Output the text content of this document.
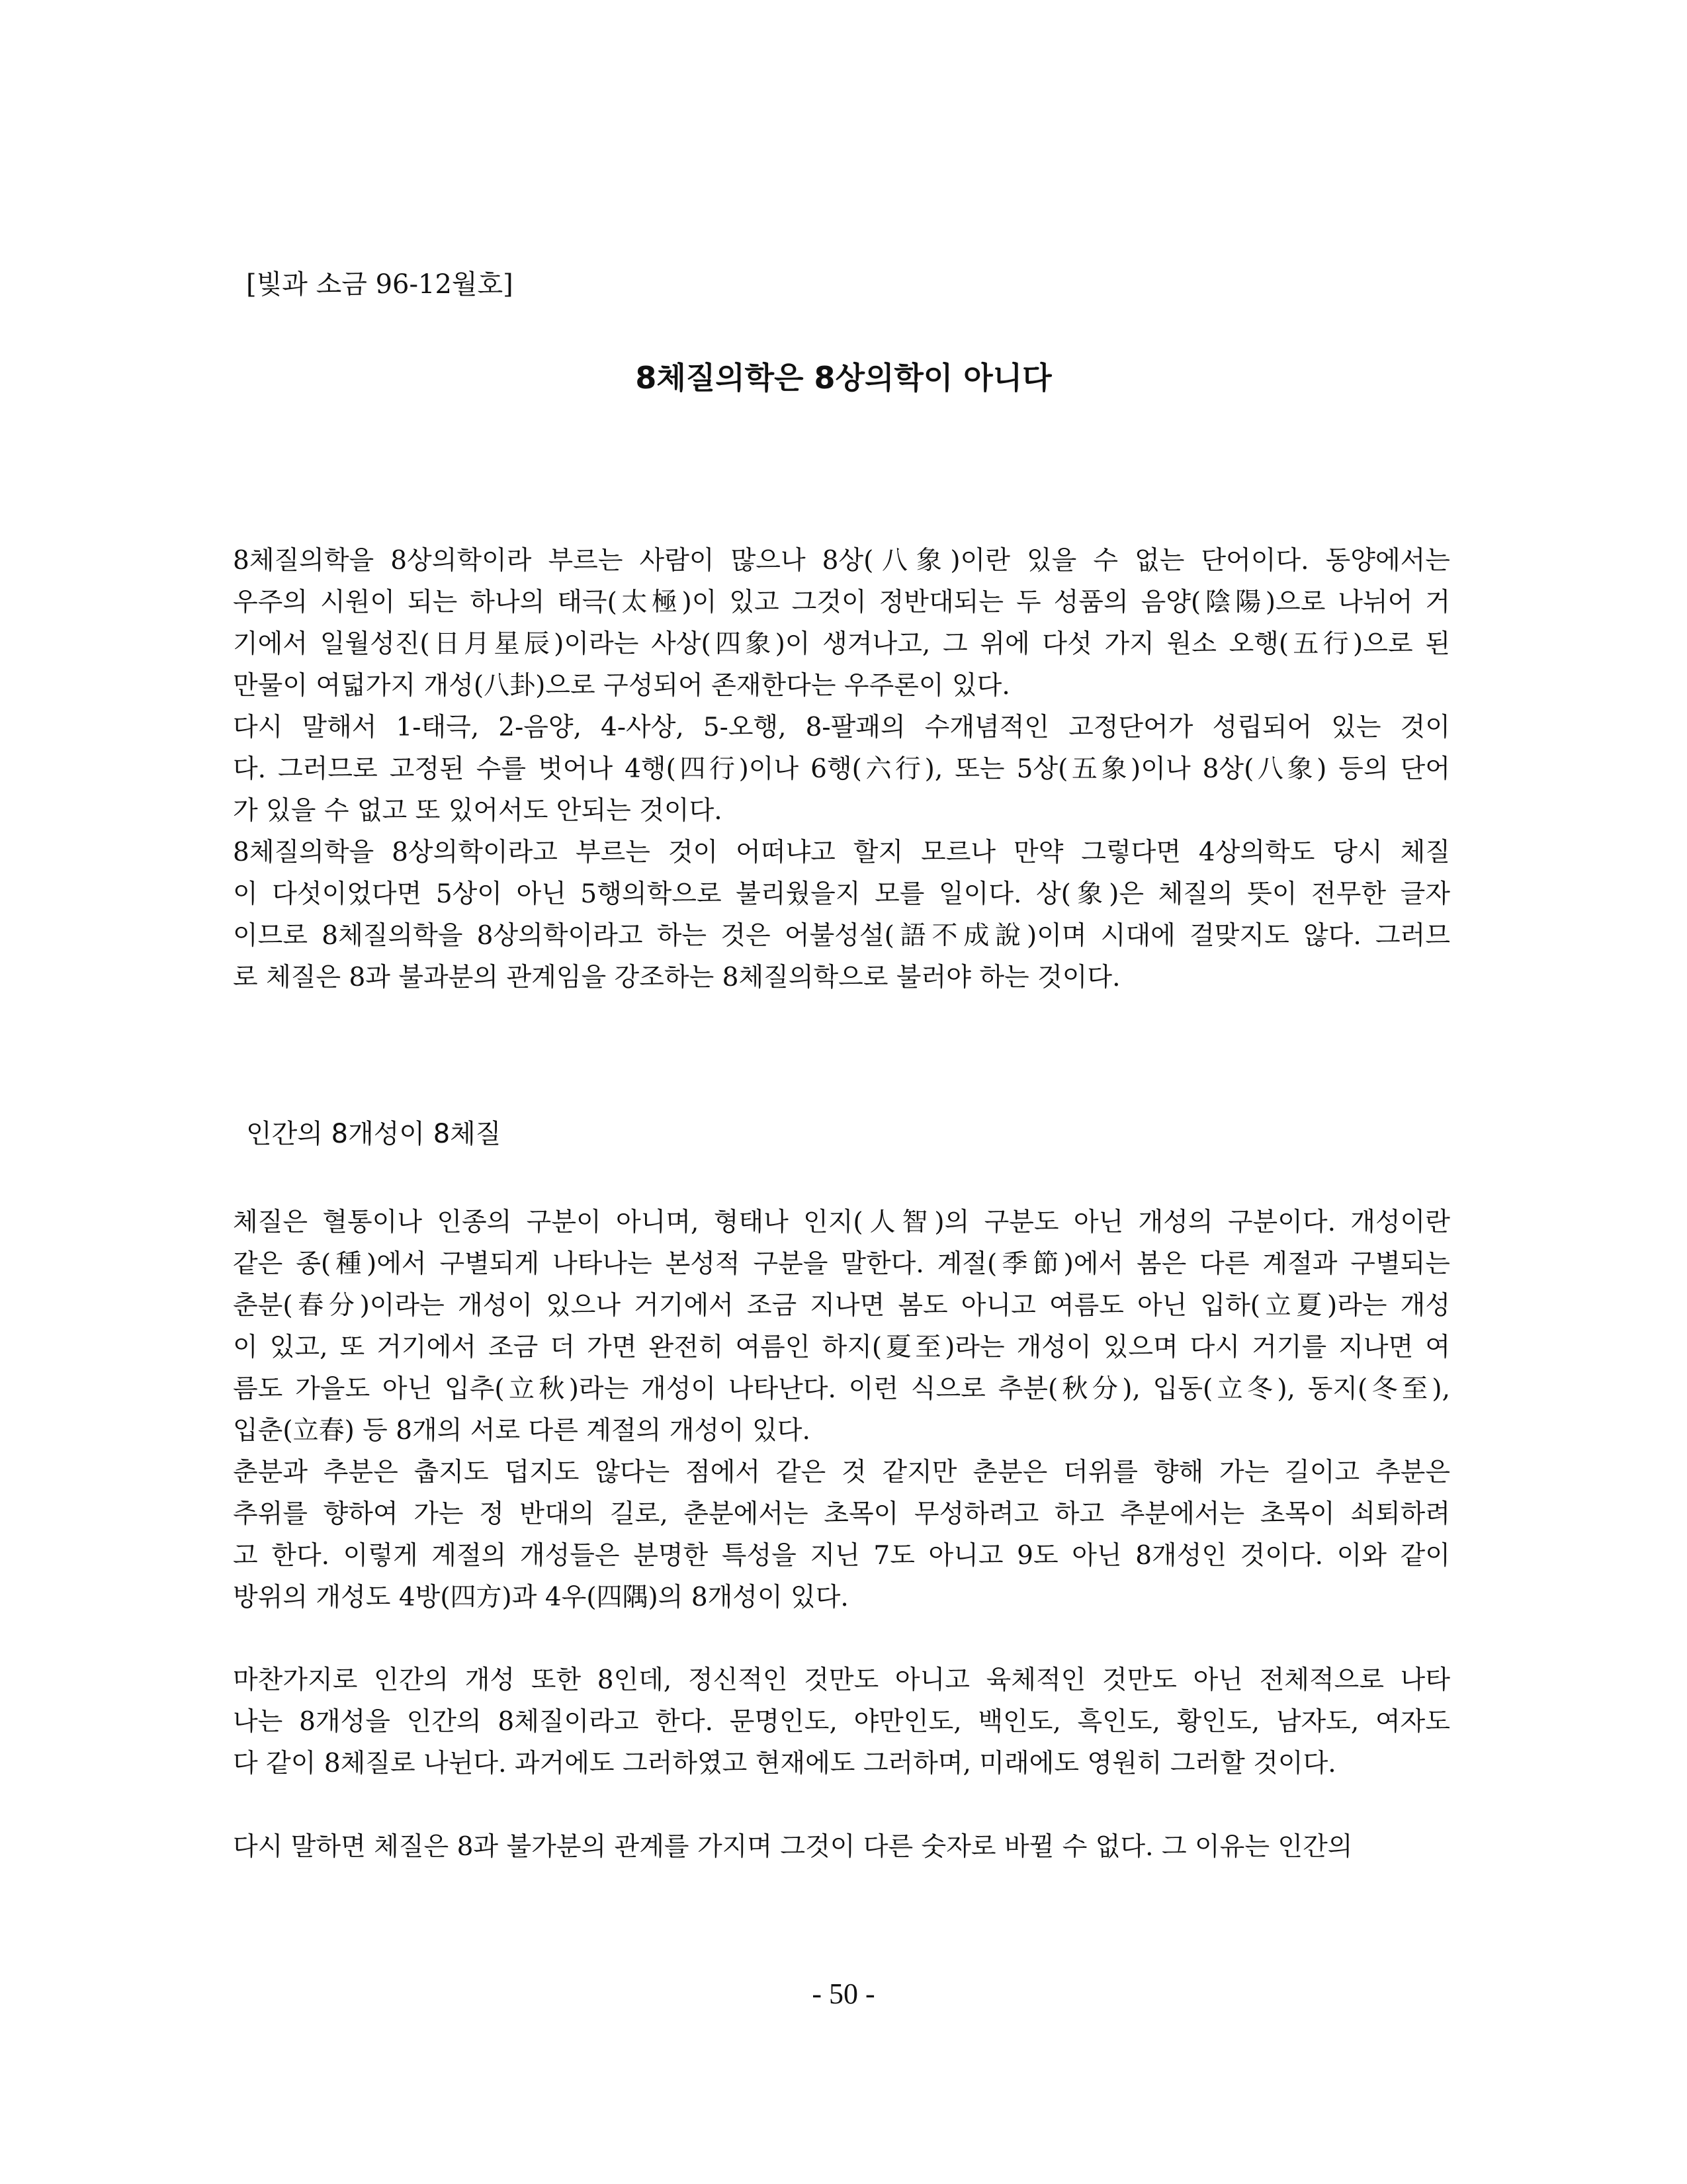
[빛과 소금 96-12월호]
8체질의학은 8상의학이 아니다

8체질의학을 8상의학이라 부르는 사람이 많으나 8상(八象)이란 있을 수 없는 단어이다. 동양에서는

우주의 시원이 되는 하나의 태극(太極)이 있고 그것이 정반대되는 두 성품의 음양(陰陽)으로 나뉘어 거

기에서 일월성진(日月星辰)이라는 사상(四象)이 생겨나고, 그 위에 다섯 가지 원소 오행(五行)으로 된

만물이 여덟가지 개성(八卦)으로 구성되어 존재한다는 우주론이 있다.

다시 말해서 1-태극, 2-음양, 4-사상, 5-오행, 8-팔괘의 수개념적인 고정단어가 성립되어 있는 것이

다. 그러므로 고정된 수를 벗어나 4행(四行)이나 6행(六行), 또는 5상(五象)이나 8상(八象) 등의 단어

가 있을 수 없고 또 있어서도 안되는 것이다.

8체질의학을 8상의학이라고 부르는 것이 어떠냐고 할지 모르나 만약 그렇다면 4상의학도 당시 체질

이 다섯이었다면 5상이 아닌 5행의학으로 불리웠을지 모를 일이다. 상(象)은 체질의 뜻이 전무한 글자

이므로 8체질의학을 8상의학이라고 하는 것은 어불성설(語不成說)이며 시대에 걸맞지도 않다. 그러므

로 체질은 8과 불과분의 관계임을 강조하는 8체질의학으로 불러야 하는 것이다.

인간의 8개성이 8체질

체질은 혈통이나 인종의 구분이 아니며, 형태나 인지(人智)의 구분도 아닌 개성의 구분이다. 개성이란

같은 종(種)에서 구별되게 나타나는 본성적 구분을 말한다. 계절(季節)에서 봄은 다른 계절과 구별되는

춘분(春分)이라는 개성이 있으나 거기에서 조금 지나면 봄도 아니고 여름도 아닌 입하(立夏)라는 개성

이 있고, 또 거기에서 조금 더 가면 완전히 여름인 하지(夏至)라는 개성이 있으며 다시 거기를 지나면 여

름도 가을도 아닌 입추(立秋)라는 개성이 나타난다. 이런 식으로 추분(秋分), 입동(立冬), 동지(冬至),

입춘(立春) 등 8개의 서로 다른 계절의 개성이 있다.

춘분과 추분은 춥지도 덥지도 않다는 점에서 같은 것 같지만 춘분은 더위를 향해 가는 길이고 추분은

추위를 향하여 가는 정 반대의 길로, 춘분에서는 초목이 무성하려고 하고 추분에서는 초목이 쇠퇴하려

고 한다. 이렇게 계절의 개성들은 분명한 특성을 지닌 7도 아니고 9도 아닌 8개성인 것이다. 이와 같이

방위의 개성도 4방(四方)과 4우(四隅)의 8개성이 있다.

마찬가지로 인간의 개성 또한 8인데, 정신적인 것만도 아니고 육체적인 것만도 아닌 전체적으로 나타

나는 8개성을 인간의 8체질이라고 한다. 문명인도, 야만인도, 백인도, 흑인도, 황인도, 남자도, 여자도

다 같이 8체질로 나뉜다. 과거에도 그러하였고 현재에도 그러하며, 미래에도 영원히 그러할 것이다.

다시 말하면 체질은 8과 불가분의 관계를 가지며 그것이 다른 숫자로 바뀔 수 없다. 그 이유는 인간의

- 50 -
